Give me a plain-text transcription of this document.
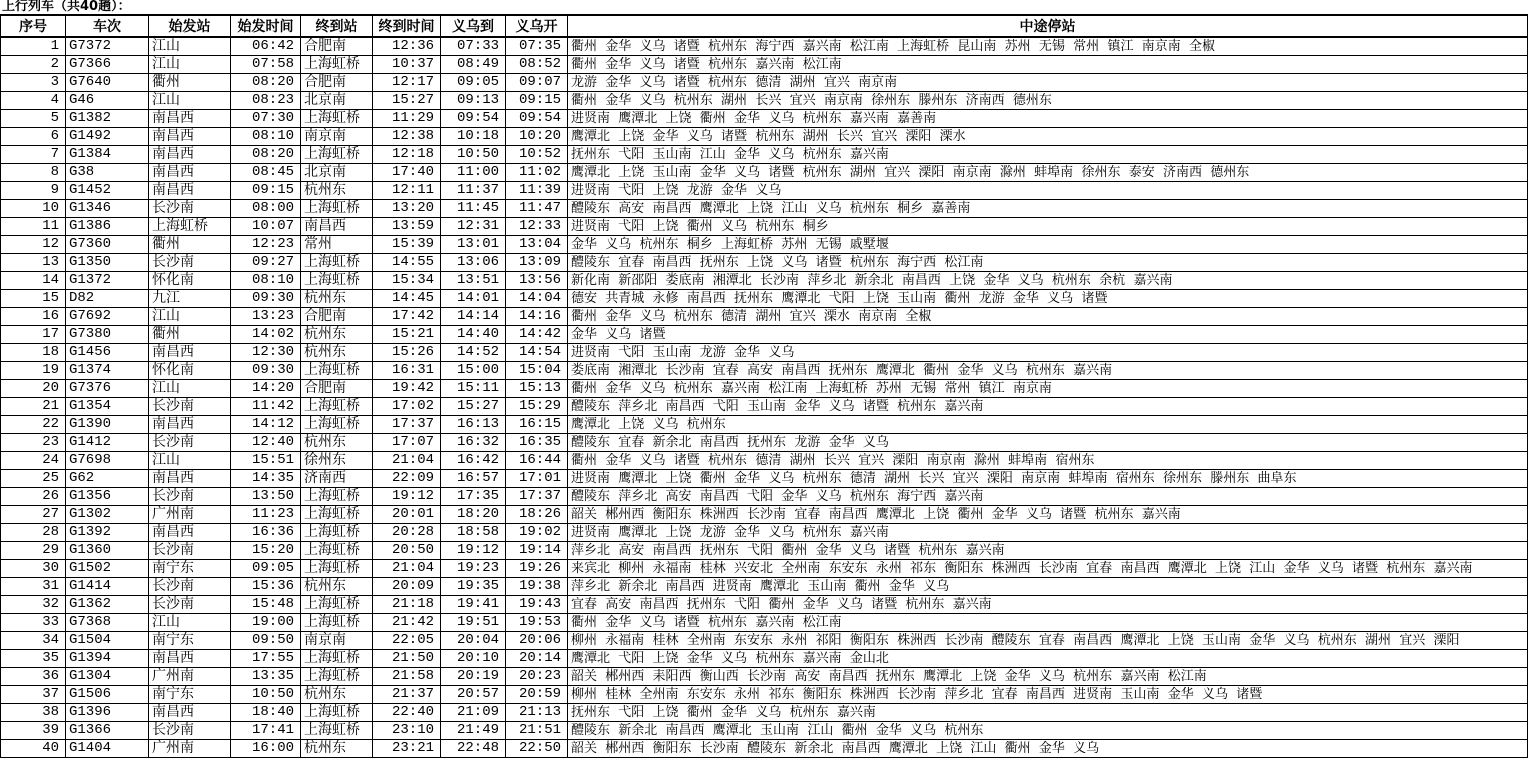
上行列车（共40趟）：
序号	车次	始发站	始发时间	终到站	终到时间	义乌到	义乌开	中途停站
1	G7372	江山	06:42	合肥南	12:36	07:33	07:35	衢州  金华  义乌  诸暨  杭州东  海宁西  嘉兴南  松江南  上海虹桥  昆山南  苏州  无锡  常州  镇江  南京南  全椒
2	G7366	江山	07:58	上海虹桥	10:37	08:49	08:52	衢州  金华  义乌  诸暨  杭州东  嘉兴南  松江南
3	G7640	衢州	08:20	合肥南	12:17	09:05	09:07	龙游  金华  义乌  诸暨  杭州东  德清  湖州  宜兴  南京南
4	G46	江山	08:23	北京南	15:27	09:13	09:15	衢州  金华  义乌  杭州东  湖州  长兴  宜兴  南京南  徐州东  滕州东  济南西  德州东
5	G1382	南昌西	07:30	上海虹桥	11:29	09:54	09:54	进贤南  鹰潭北  上饶  衢州  金华  义乌  杭州东  嘉兴南  嘉善南
6	G1492	南昌西	08:10	南京南	12:38	10:18	10:20	鹰潭北  上饶  金华  义乌  诸暨  杭州东  湖州  长兴  宜兴  溧阳  溧水
7	G1384	南昌西	08:20	上海虹桥	12:18	10:50	10:52	抚州东  弋阳  玉山南  江山  金华  义乌  杭州东  嘉兴南
8	G38	南昌西	08:45	北京南	17:40	11:00	11:02	鹰潭北  上饶  玉山南  金华  义乌  诸暨  杭州东  湖州  宜兴  溧阳  南京南  滁州  蚌埠南  徐州东  泰安  济南西  德州东
9	G1452	南昌西	09:15	杭州东	12:11	11:37	11:39	进贤南  弋阳  上饶  龙游  金华  义乌
10	G1346	长沙南	08:00	上海虹桥	13:20	11:45	11:47	醴陵东  高安  南昌西  鹰潭北  上饶  江山  义乌  杭州东  桐乡  嘉善南
11	G1386	上海虹桥	10:07	南昌西	13:59	12:31	12:33	进贤南  弋阳  上饶  衢州  义乌  杭州东  桐乡
12	G7360	衢州	12:23	常州	15:39	13:01	13:04	金华  义乌  杭州东  桐乡  上海虹桥  苏州  无锡  戚墅堰
13	G1350	长沙南	09:27	上海虹桥	14:55	13:06	13:09	醴陵东  宜春  南昌西  抚州东  上饶  义乌  诸暨  杭州东  海宁西  松江南
14	G1372	怀化南	08:10	上海虹桥	15:34	13:51	13:56	新化南  新邵阳  娄底南  湘潭北  长沙南  萍乡北  新余北  南昌西  上饶  金华  义乌  杭州东  余杭  嘉兴南
15	D82	九江	09:30	杭州东	14:45	14:01	14:04	德安  共青城  永修  南昌西  抚州东  鹰潭北  弋阳  上饶  玉山南  衢州  龙游  金华  义乌  诸暨
16	G7692	江山	13:23	合肥南	17:42	14:14	14:16	衢州  金华  义乌  杭州东  德清  湖州  宜兴  溧水  南京南  全椒
17	G7380	衢州	14:02	杭州东	15:21	14:40	14:42	金华  义乌  诸暨
18	G1456	南昌西	12:30	杭州东	15:26	14:52	14:54	进贤南  弋阳  玉山南  龙游  金华  义乌
19	G1374	怀化南	09:30	上海虹桥	16:31	15:00	15:04	娄底南  湘潭北  长沙南  宜春  高安  南昌西  抚州东  鹰潭北  衢州  金华  义乌  杭州东  嘉兴南
20	G7376	江山	14:20	合肥南	19:42	15:11	15:13	衢州  金华  义乌  杭州东  嘉兴南  松江南  上海虹桥  苏州  无锡  常州  镇江  南京南
21	G1354	长沙南	11:42	上海虹桥	17:02	15:27	15:29	醴陵东  萍乡北  南昌西  弋阳  玉山南  金华  义乌  诸暨  杭州东  嘉兴南
22	G1390	南昌西	14:12	上海虹桥	17:37	16:13	16:15	鹰潭北  上饶  义乌  杭州东
23	G1412	长沙南	12:40	杭州东	17:07	16:32	16:35	醴陵东  宜春  新余北  南昌西  抚州东  龙游  金华  义乌
24	G7698	江山	15:51	徐州东	21:04	16:42	16:44	衢州  金华  义乌  诸暨  杭州东  德清  湖州  长兴  宜兴  溧阳  南京南  滁州  蚌埠南  宿州东
25	G62	南昌西	14:35	济南西	22:09	16:57	17:01	进贤南  鹰潭北  上饶  衢州  金华  义乌  杭州东  德清  湖州  长兴  宜兴  溧阳  南京南  蚌埠南  宿州东  徐州东  滕州东  曲阜东
26	G1356	长沙南	13:50	上海虹桥	19:12	17:35	17:37	醴陵东  萍乡北  高安  南昌西  弋阳  金华  义乌  杭州东  海宁西  嘉兴南
27	G1302	广州南	11:23	上海虹桥	20:01	18:20	18:26	韶关  郴州西  衡阳东  株洲西  长沙南  宜春  南昌西  鹰潭北  上饶  衢州  金华  义乌  诸暨  杭州东  嘉兴南
28	G1392	南昌西	16:36	上海虹桥	20:28	18:58	19:02	进贤南  鹰潭北  上饶  龙游  金华  义乌  杭州东  嘉兴南
29	G1360	长沙南	15:20	上海虹桥	20:50	19:12	19:14	萍乡北  高安  南昌西  抚州东  弋阳  衢州  金华  义乌  诸暨  杭州东  嘉兴南
30	G1502	南宁东	09:05	上海虹桥	21:04	19:23	19:26	来宾北  柳州  永福南  桂林  兴安北  全州南  东安东  永州  祁东  衡阳东  株洲西  长沙南  宜春  南昌西  鹰潭北  上饶  江山  金华  义乌  诸暨  杭州东  嘉兴南
31	G1414	长沙南	15:36	杭州东	20:09	19:35	19:38	萍乡北  新余北  南昌西  进贤南  鹰潭北  玉山南  衢州  金华  义乌
32	G1362	长沙南	15:48	上海虹桥	21:18	19:41	19:43	宜春  高安  南昌西  抚州东  弋阳  衢州  金华  义乌  诸暨  杭州东  嘉兴南
33	G7368	江山	19:00	上海虹桥	21:42	19:51	19:53	衢州  金华  义乌  诸暨  杭州东  嘉兴南  松江南
34	G1504	南宁东	09:50	南京南	22:05	20:04	20:06	柳州  永福南  桂林  全州南  东安东  永州  祁阳  衡阳东  株洲西  长沙南  醴陵东  宜春  南昌西  鹰潭北  上饶  玉山南  金华  义乌  杭州东  湖州  宜兴  溧阳
35	G1394	南昌西	17:55	上海虹桥	21:50	20:10	20:14	鹰潭北  弋阳  上饶  金华  义乌  杭州东  嘉兴南  金山北
36	G1304	广州南	13:35	上海虹桥	21:58	20:19	20:23	韶关  郴州西  耒阳西  衡山西  长沙南  高安  南昌西  抚州东  鹰潭北  上饶  金华  义乌  杭州东  嘉兴南  松江南
37	G1506	南宁东	10:50	杭州东	21:37	20:57	20:59	柳州  桂林  全州南  东安东  永州  祁东  衡阳东  株洲西  长沙南  萍乡北  宜春  南昌西  进贤南  玉山南  金华  义乌  诸暨
38	G1396	南昌西	18:40	上海虹桥	22:40	21:09	21:13	抚州东  弋阳  上饶  衢州  金华  义乌  杭州东  嘉兴南
39	G1366	长沙南	17:41	上海虹桥	23:10	21:49	21:51	醴陵东  新余北  南昌西  鹰潭北  玉山南  江山  衢州  金华  义乌  杭州东
40	G1404	广州南	16:00	杭州东	23:21	22:48	22:50	韶关  郴州西  衡阳东  长沙南  醴陵东  新余北  南昌西  鹰潭北  上饶  江山  衢州  金华  义乌
